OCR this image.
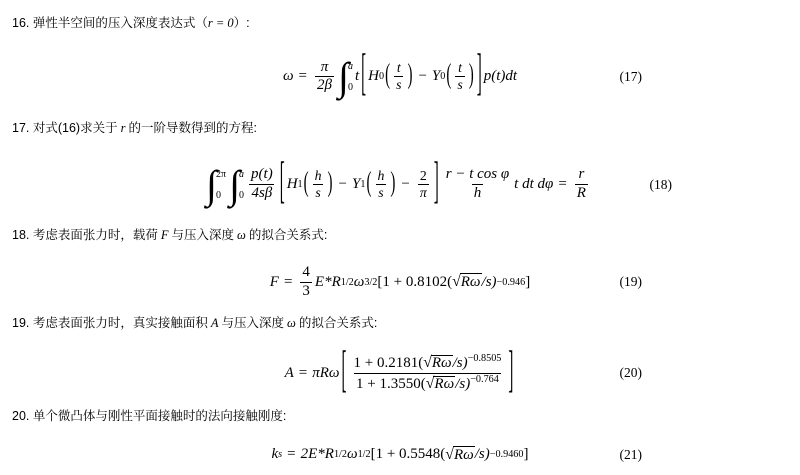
16. 弹性半空间的压入深度表达式（r = 0）:
$\omega = \frac{\pi}{2\beta}$ ∫ a
0
t [ H 0 ( $\frac{t}{s}$ ) − Y 0 ( $\frac{t}{s}$ ) ] p(t)dt	(17)
17. 对式(16)求关于 r 的一阶导数得到的方程:
∫ 2π
0 ∫ a
$0 \frac{p(t)}{4s\beta}$ [ H 1 ( $\frac{h}{s}$ ) − Y 1 ( $\frac{h}{s}$ ) − $\frac{2}{\pi}$ ] $\frac{\text{r − t cos φ}}{h}$ t dt $d\varphi = \frac{r}{R}$	(18)
18. 考虑表面张力时，载荷 F 与压入深度 ω 的拟合关系式:
$F = \frac{4}{3} E*R$ 1/2 ω 3/2 [1 + 0.8102( √Rω /s) −0.946 ]	(19)
19. 考虑表面张力时，真实接触面积 A 与压入深度 ω 的拟合关系式:
A = πRω [ $\frac{1 + 0.2181(√R\omega/s)^{-0.8505}}{1 + 1.3550(√R\omega/s)^{-0.764}}$ ]	(20)
20. 单个微凸体与刚性平面接触时的法向接触刚度:
k s = 2E*R 1/2 ω 1/2 [1 + 0.5548( √Rω /s) −0.9460 ]	(21)
